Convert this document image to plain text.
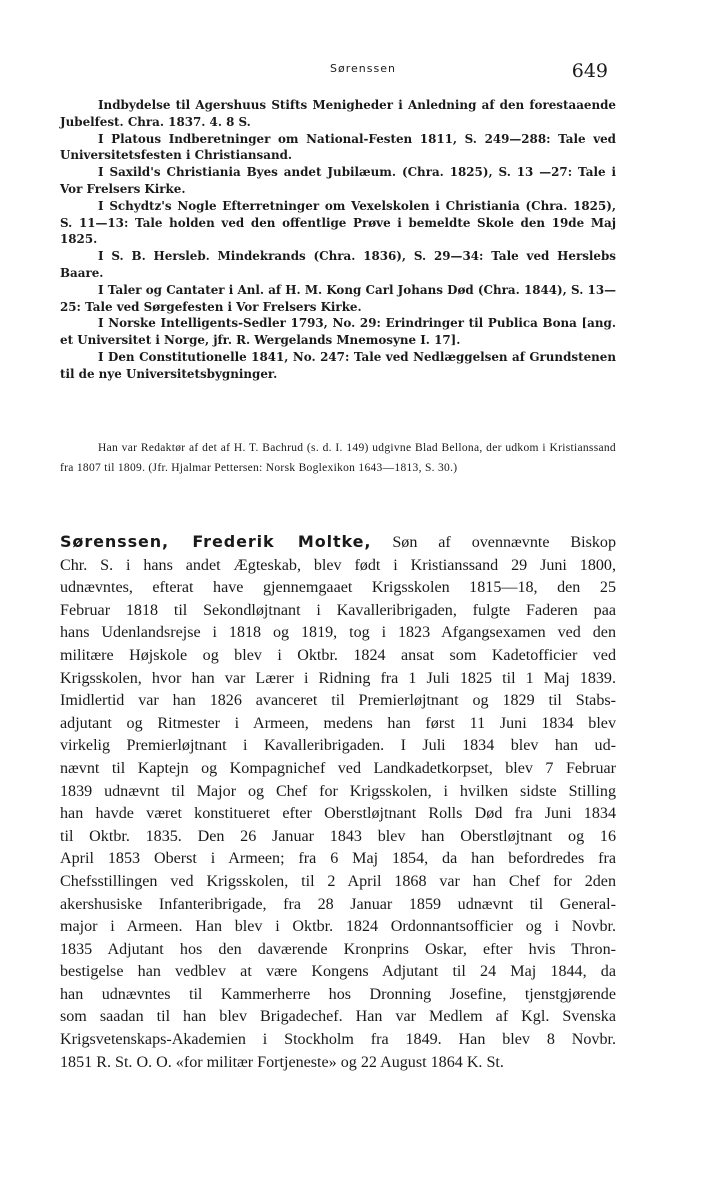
Sørenssen	649

Indbydelse til Agershuus Stifts Menigheder i Anledning af den forestaaende Jubelfest. Chra. 1837. 4. 8 S.

I Platous Indberetninger om National-Festen 1811, S. 249—288: Tale ved Universitetsfesten i Christiansand.

I Saxild's Christiania Byes andet Jubilæum. (Chra. 1825), S. 13 —27: Tale i Vor Frelsers Kirke.

I Schydtz's Nogle Efterretninger om Vexelskolen i Christiania (Chra. 1825), S. 11—13: Tale holden ved den offentlige Prøve i bemeldte Skole den 19de Maj 1825.

I S. B. Hersleb. Mindekrands (Chra. 1836), S. 29—34: Tale ved Herslebs Baare.

I Taler og Cantater i Anl. af H. M. Kong Carl Johans Død (Chra. 1844), S. 13—25: Tale ved Sørgefesten i Vor Frelsers Kirke.

I Norske Intelligents-Sedler 1793, No. 29: Erindringer til Publica Bona [ang. et Universitet i Norge, jfr. R. Wergelands Mnemosyne I. 17].

I Den Constitutionelle 1841, No. 247: Tale ved Nedlæggelsen af Grundstenen til de nye Universitetsbygninger.

Han var Redaktør af det af H. T. Bachrud (s. d. I. 149) udgivne Blad Bellona, der udkom i Kristianssand fra 1807 til 1809. (Jfr. Hjalmar Pettersen: Norsk Boglexikon 1643—1813, S. 30.)
Sørenssen, Frederik Moltke, Søn af ovennævnte Biskop
Chr. S. i hans andet Ægteskab, blev født i Kristianssand 29 Juni 1800,
udnævntes, efterat have gjennemgaaet Krigsskolen 1815—18, den 25
Februar 1818 til Sekondløjtnant i Kavalleribrigaden, fulgte Faderen paa
hans Udenlandsrejse i 1818 og 1819, tog i 1823 Afgangsexamen ved den
militære Højskole og blev i Oktbr. 1824 ansat som Kadetofficier ved
Krigsskolen, hvor han var Lærer i Ridning fra 1 Juli 1825 til 1 Maj 1839.
Imidlertid var han 1826 avanceret til Premierløjtnant og 1829 til Stabs-
adjutant og Ritmester i Armeen, medens han først 11 Juni 1834 blev
virkelig Premierløjtnant i Kavalleribrigaden. I Juli 1834 blev han ud-
nævnt til Kaptejn og Kompagnichef ved Landkadetkorpset, blev 7 Februar
1839 udnævnt til Major og Chef for Krigsskolen, i hvilken sidste Stilling
han havde været konstitueret efter Oberstløjtnant Rolls Død fra Juni 1834
til Oktbr. 1835. Den 26 Januar 1843 blev han Oberstløjtnant og 16
April 1853 Oberst i Armeen; fra 6 Maj 1854, da han befordredes fra
Chefsstillingen ved Krigsskolen, til 2 April 1868 var han Chef for 2den
akershusiske Infanteribrigade, fra 28 Januar 1859 udnævnt til General-
major i Armeen. Han blev i Oktbr. 1824 Ordonnantsofficier og i Novbr.
1835 Adjutant hos den daværende Kronprins Oskar, efter hvis Thron-
bestigelse han vedblev at være Kongens Adjutant til 24 Maj 1844, da
han udnævntes til Kammerherre hos Dronning Josefine, tjenstgjørende
som saadan til han blev Brigadechef. Han var Medlem af Kgl. Svenska
Krigsvetenskaps-Akademien i Stockholm fra 1849. Han blev 8 Novbr.
1851 R. St. O. O. «for militær Fortjeneste» og 22 August 1864 K. St.
